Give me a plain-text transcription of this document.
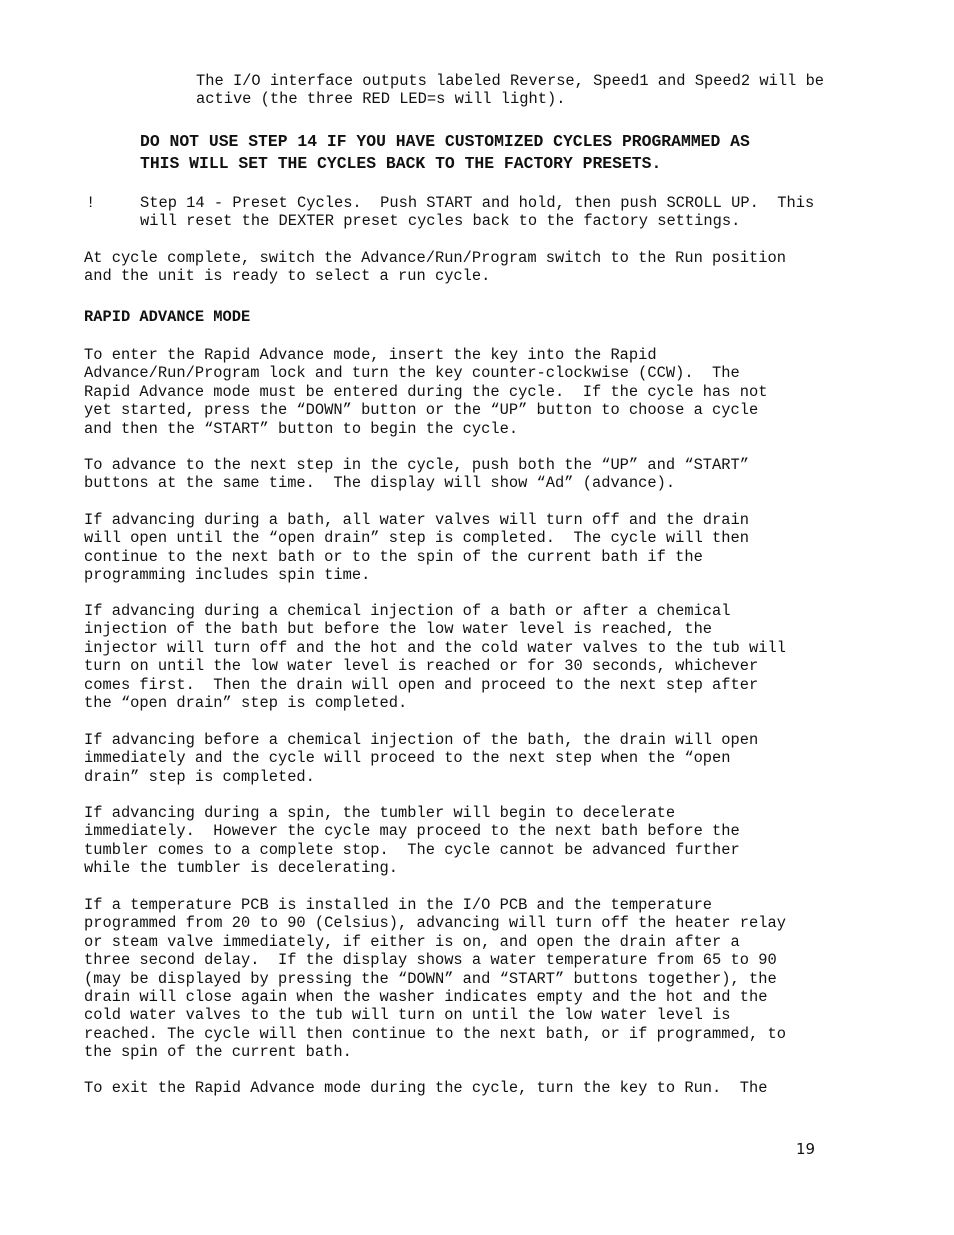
The I/O interface outputs labeled Reverse, Speed1 and Speed2 will be
active (the three RED LED=s will light).

DO NOT USE STEP 14 IF YOU HAVE CUSTOMIZED CYCLES PROGRAMMED AS
THIS WILL SET THE CYCLES BACK TO THE FACTORY PRESETS.

!	Step 14 - Preset Cycles.  Push START and hold, then push SCROLL UP.  This
will reset the DEXTER preset cycles back to the factory settings.

At cycle complete, switch the Advance/Run/Program switch to the Run position
and the unit is ready to select a run cycle.

RAPID ADVANCE MODE

To enter the Rapid Advance mode, insert the key into the Rapid
Advance/Run/Program lock and turn the key counter-clockwise (CCW).  The
Rapid Advance mode must be entered during the cycle.  If the cycle has not
yet started, press the “DOWN” button or the “UP” button to choose a cycle
and then the “START” button to begin the cycle.

To advance to the next step in the cycle, push both the “UP” and “START”
buttons at the same time.  The display will show “Ad” (advance).

If advancing during a bath, all water valves will turn off and the drain
will open until the “open drain” step is completed.  The cycle will then
continue to the next bath or to the spin of the current bath if the
programming includes spin time.

If advancing during a chemical injection of a bath or after a chemical
injection of the bath but before the low water level is reached, the
injector will turn off and the hot and the cold water valves to the tub will
turn on until the low water level is reached or for 30 seconds, whichever
comes first.  Then the drain will open and proceed to the next step after
the “open drain” step is completed.

If advancing before a chemical injection of the bath, the drain will open
immediately and the cycle will proceed to the next step when the “open
drain” step is completed.

If advancing during a spin, the tumbler will begin to decelerate
immediately.  However the cycle may proceed to the next bath before the
tumbler comes to a complete stop.  The cycle cannot be advanced further
while the tumbler is decelerating.

If a temperature PCB is installed in the I/O PCB and the temperature
programmed from 20 to 90 (Celsius), advancing will turn off the heater relay
or steam valve immediately, if either is on, and open the drain after a
three second delay.  If the display shows a water temperature from 65 to 90
(may be displayed by pressing the “DOWN” and “START” buttons together), the
drain will close again when the washer indicates empty and the hot and the
cold water valves to the tub will turn on until the low water level is
reached. The cycle will then continue to the next bath, or if programmed, to
the spin of the current bath.

To exit the Rapid Advance mode during the cycle, turn the key to Run.  The

19
